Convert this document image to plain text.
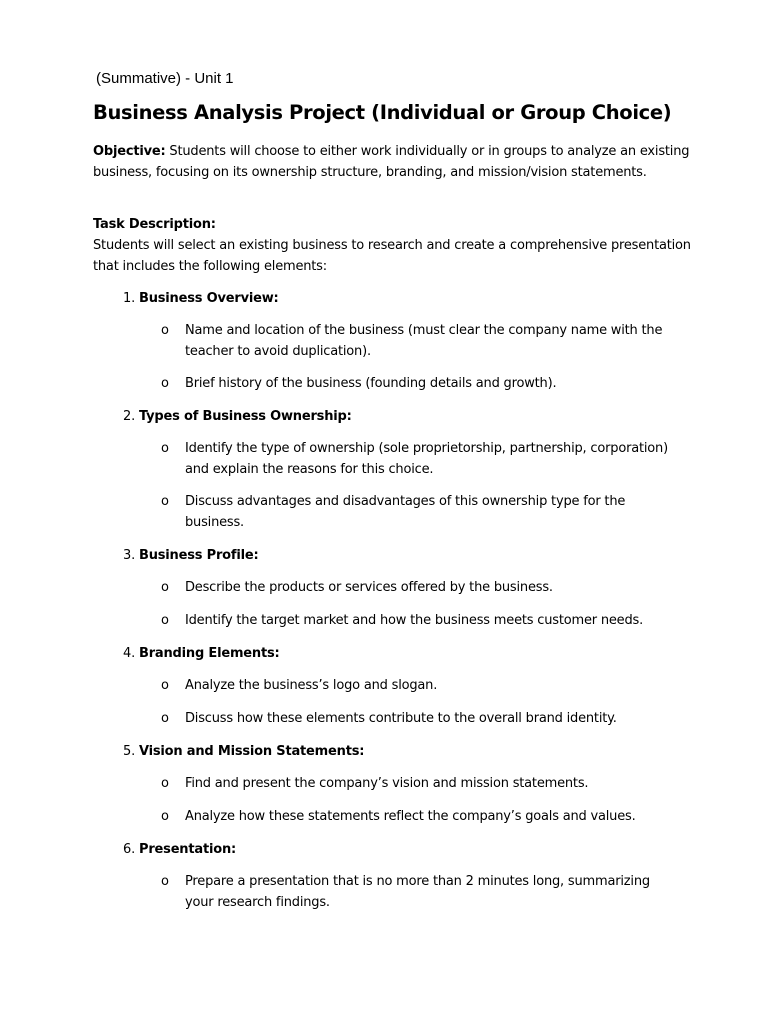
(Summative) - Unit 1
Business Analysis Project (Individual or Group Choice)
Objective: Students will choose to either work individually or in groups to analyze an existing business, focusing on its ownership structure, branding, and mission/vision statements.
Task Description:
Students will select an existing business to research and create a comprehensive presentation that includes the following elements:
1. Business Overview:
o Name and location of the business (must clear the company name with the teacher to avoid duplication).
o Brief history of the business (founding details and growth).
2. Types of Business Ownership:
o Identify the type of ownership (sole proprietorship, partnership, corporation) and explain the reasons for this choice.
o Discuss advantages and disadvantages of this ownership type for the business.
3. Business Profile:
o Describe the products or services offered by the business.
o Identify the target market and how the business meets customer needs.
4. Branding Elements:
o Analyze the business’s logo and slogan.
o Discuss how these elements contribute to the overall brand identity.
5. Vision and Mission Statements:
o Find and present the company’s vision and mission statements.
o Analyze how these statements reflect the company’s goals and values.
6. Presentation:
o Prepare a presentation that is no more than 2 minutes long, summarizing your research findings.
